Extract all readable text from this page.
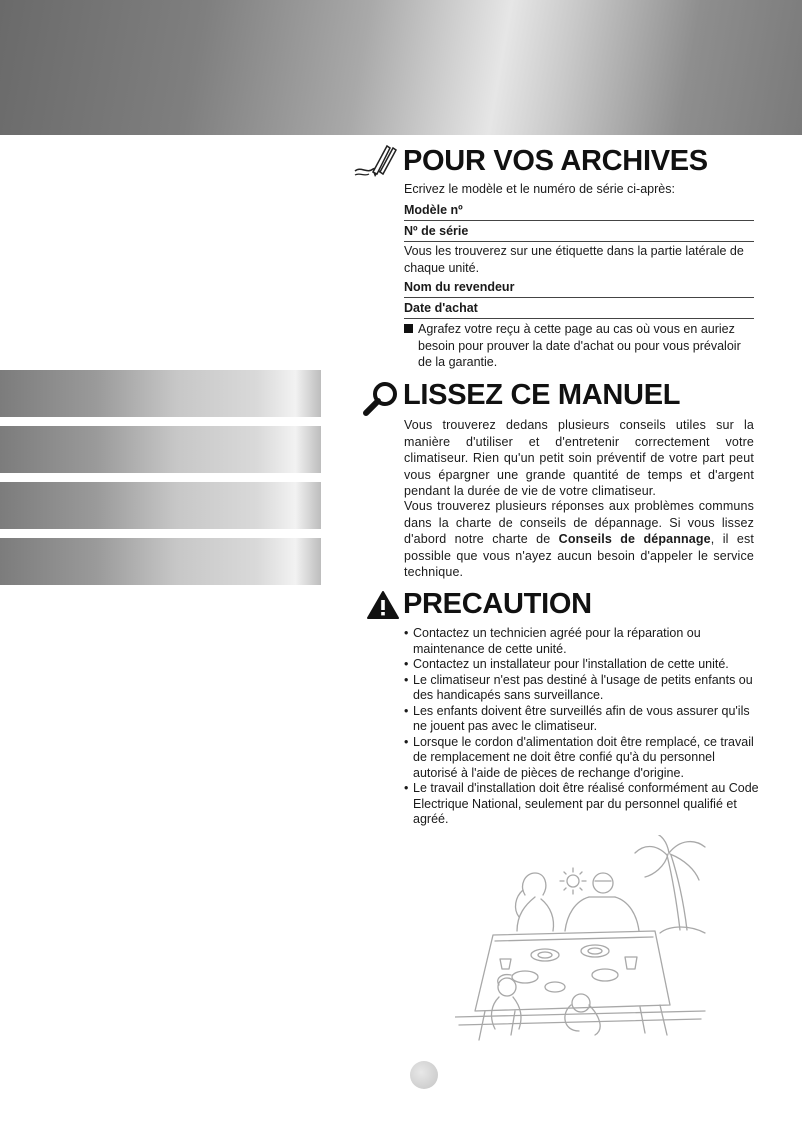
POUR VOS ARCHIVES
Ecrivez le modèle et le numéro de série ci-après:
Modèle nº
Nº de série
Vous les trouverez sur une étiquette dans la partie latérale de chaque unité.
Nom du revendeur
Date d'achat
Agrafez votre reçu à cette page au cas où vous en auriez besoin pour prouver la date d'achat ou pour vous prévaloir de la garantie.
LISSEZ CE MANUEL
Vous trouverez dedans plusieurs conseils utiles sur la manière d'utiliser et d'entretenir correctement votre climatiseur. Rien qu'un petit soin préventif de votre part peut vous épargner une grande quantité de temps et d'argent pendant la durée de vie de votre climatiseur.
Vous trouverez plusieurs réponses aux problèmes communs dans la charte de conseils de dépannage. Si vous lissez d'abord notre charte de Conseils de dépannage, il est possible que vous n'ayez aucun besoin d'appeler le service technique.
PRECAUTION
• Contactez un technicien agréé pour la réparation ou maintenance de cette unité.
• Contactez un installateur pour l'installation de cette unité.
• Le climatiseur n'est pas destiné à l'usage de petits enfants ou des handicapés sans surveillance.
• Les enfants doivent être surveillés afin de vous assurer qu'ils ne jouent pas avec le climatiseur.
• Lorsque le cordon d'alimentation doit être remplacé, ce travail de remplacement ne doit être confié qu'à du personnel autorisé à l'aide de pièces de rechange d'origine.
• Le travail d'installation doit être réalisé conformément au Code Electrique National, seulement par du personnel qualifié et agréé.
